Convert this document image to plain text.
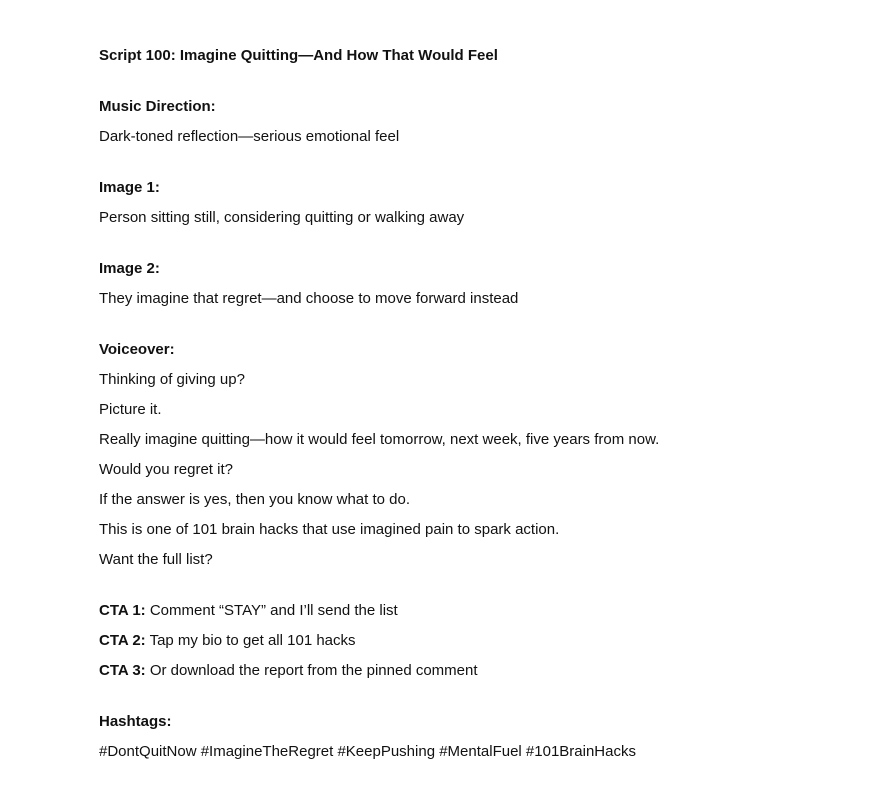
Script 100: Imagine Quitting—And How That Would Feel

Music Direction:

Dark-toned reflection—serious emotional feel

Image 1:

Person sitting still, considering quitting or walking away

Image 2:

They imagine that regret—and choose to move forward instead

Voiceover:

Thinking of giving up?

Picture it.

Really imagine quitting—how it would feel tomorrow, next week, five years from now.

Would you regret it?

If the answer is yes, then you know what to do.

This is one of 101 brain hacks that use imagined pain to spark action.

Want the full list?

CTA 1: Comment “STAY” and I’ll send the list

CTA 2: Tap my bio to get all 101 hacks

CTA 3: Or download the report from the pinned comment

Hashtags:

#DontQuitNow #ImagineTheRegret #KeepPushing #MentalFuel #101BrainHacks
